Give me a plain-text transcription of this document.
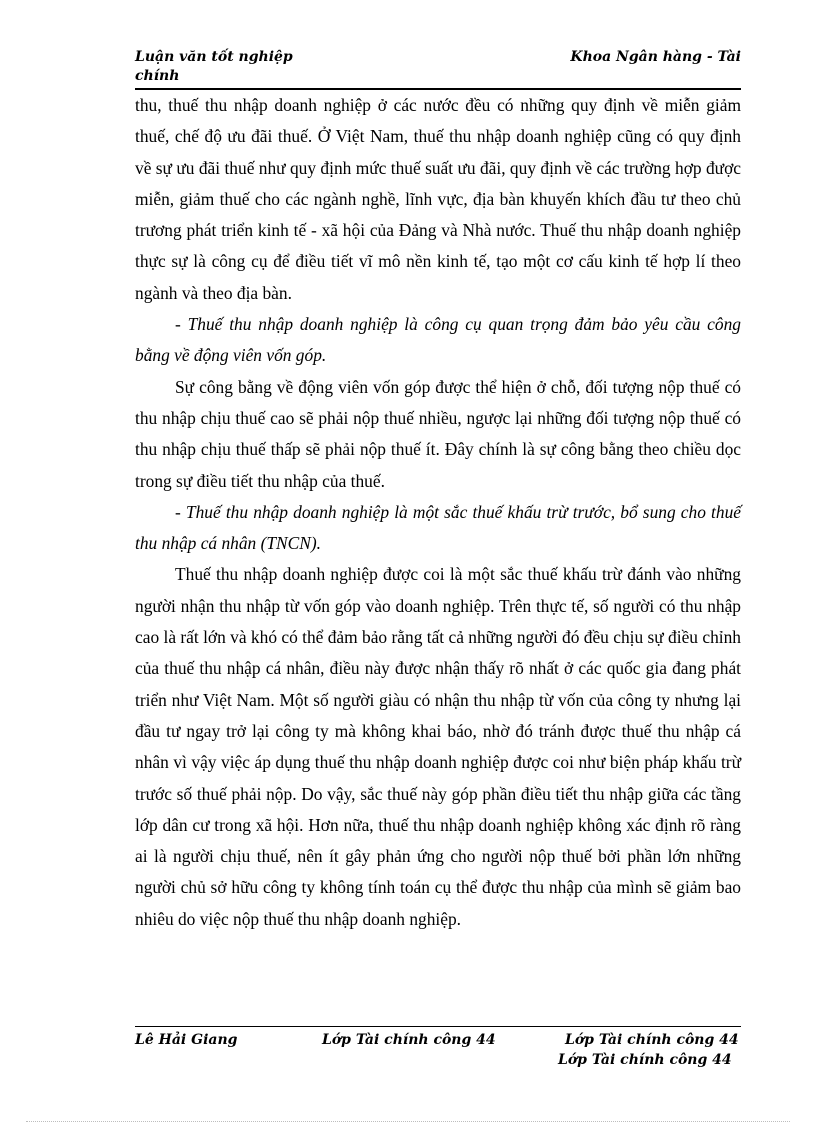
Luận văn tốt nghiệp	Khoa Ngân hàng - Tài
chính

thu, thuế thu nhập doanh nghiệp ở các nước đều có những quy định về miễn giảm thuế, chế độ ưu đãi thuế. Ở Việt Nam, thuế thu nhập doanh nghiệp cũng có quy định về sự ưu đãi thuế như quy định mức thuế suất ưu đãi, quy định về các trường hợp được miễn, giảm thuế cho các ngành nghề, lĩnh vực, địa bàn khuyến khích đầu tư theo chủ trương phát triển kinh tế - xã hội của Đảng và Nhà nước. Thuế thu nhập doanh nghiệp thực sự là công cụ để điều tiết vĩ mô nền kinh tế, tạo một cơ cấu kinh tế hợp lí theo ngành và theo địa bàn.

- Thuế thu nhập doanh nghiệp là công cụ quan trọng đảm bảo yêu cầu công bằng về động viên vốn góp.

Sự công bằng về động viên vốn góp được thể hiện ở chỗ, đối tượng nộp thuế có thu nhập chịu thuế cao sẽ phải nộp thuế nhiều, ngược lại những đối tượng nộp thuế có thu nhập chịu thuế thấp sẽ phải nộp thuế ít. Đây chính là sự công bằng theo chiều dọc trong sự điều tiết thu nhập của thuế.

- Thuế thu nhập doanh nghiệp là một sắc thuế khấu trừ trước, bổ sung cho thuế thu nhập cá nhân (TNCN).

Thuế thu nhập doanh nghiệp được coi là một sắc thuế khấu trừ đánh vào những người nhận thu nhập từ vốn góp vào doanh nghiệp. Trên thực tế, số người có thu nhập cao là rất lớn và khó có thể đảm bảo rằng tất cả những người đó đều chịu sự điều chỉnh của thuế thu nhập cá nhân, điều này được nhận thấy rõ nhất ở các quốc gia đang phát triển như Việt Nam. Một số người giàu có nhận thu nhập từ vốn của công ty nhưng lại đầu tư ngay trở lại công ty mà không khai báo, nhờ đó tránh được thuế thu nhập cá nhân vì vậy việc áp dụng thuế thu nhập doanh nghiệp được coi như biện pháp khấu trừ trước số thuế phải nộp. Do vậy, sắc thuế này góp phần điều tiết thu nhập giữa các tầng lớp dân cư trong xã hội. Hơn nữa, thuế thu nhập doanh nghiệp không xác định rõ ràng ai là người chịu thuế, nên ít gây phản ứng cho người nộp thuế bởi phần lớn những người chủ sở hữu công ty không tính toán cụ thể được thu nhập của mình sẽ giảm bao nhiêu do việc nộp thuế thu nhập doanh nghiệp.

Lê Hải Giang	Lớp Tài chính công 44	Lớp Tài chính công 44
Lớp Tài chính công 44
